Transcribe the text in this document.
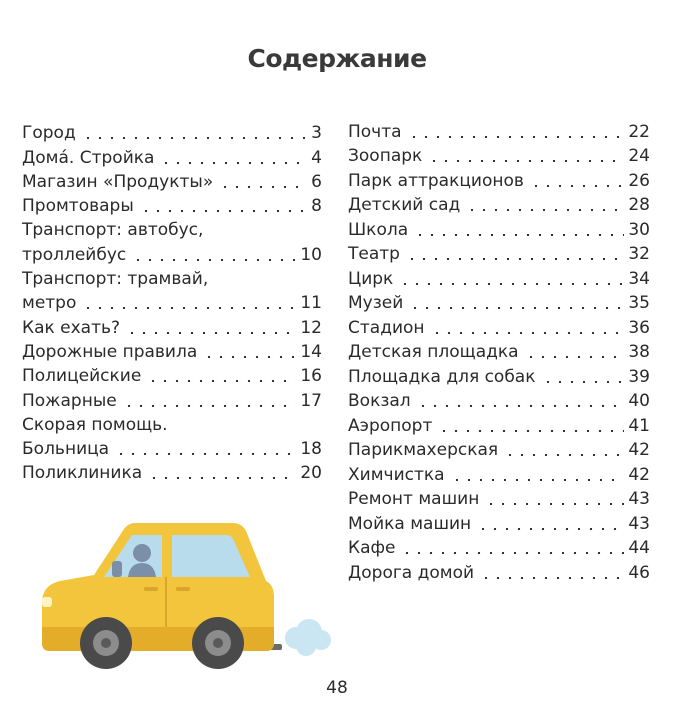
Содержание
Город	3
Домá. Стройка	4
Магазин «Продукты»	6
Промтовары	8
Транспорт: автобус,
троллейбус	10
Транспорт: трамвай,
метро	11
Как ехать?	12
Дорожные правила	14
Полицейские	16
Пожарные	17
Скорая помощь.
Больница	18
Поликлиника	20
Почта	22
Зоопарк	24
Парк аттракционов	26
Детский сад	28
Школа	30
Театр	32
Цирк	34
Музей	35
Стадион	36
Детская площадка	38
Площадка для собак	39
Вокзал	40
Аэропорт	41
Парикмахерская	42
Химчистка	42
Ремонт машин	43
Мойка машин	43
Кафе	44
Дорога домой	46
48
